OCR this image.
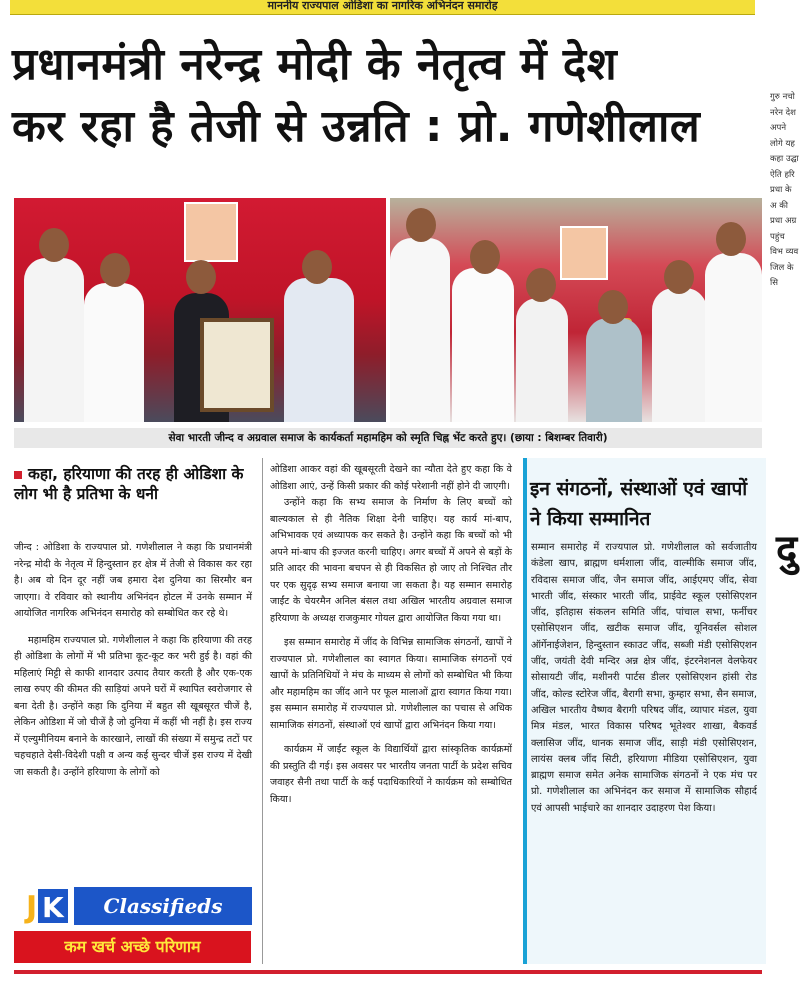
माननीय राज्यपाल ओडिशा का नागरिक अभिनंदन समारोह
प्रधानमंत्री नरेन्द्र मोदी के नेतृत्व में देश
कर रहा है तेजी से उन्नति : प्रो. गणेशीलाल
सेवा भारती जीन्द व अग्रवाल समाज के कार्यकर्ता महामहिम को स्मृति चिह्न भेंट करते हुए। (छाया : बिशम्बर तिवारी)
कहा, हरियाणा की तरह ही ओडिशा के लोग भी है प्रतिभा के धनी

जीन्द : ओडिशा के राज्यपाल प्रो. गणेशीलाल ने कहा कि प्रधानमंत्री नरेन्द्र मोदी के नेतृत्व में हिन्दुस्तान हर क्षेत्र में तेजी से विकास कर रहा है। अब वो दिन दूर नहीं जब हमारा देश दुनिया का सिरमौर बन जाएगा। वे रविवार को स्थानीय अभिनंदन होटल में उनके सम्मान में आयोजित नागरिक अभिनंदन समारोह को सम्बोधित कर रहे थे।

महामहिम राज्यपाल प्रो. गणेशीलाल ने कहा कि हरियाणा की तरह ही ओडिशा के लोगों में भी प्रतिभा कूट-कूट कर भरी हुई है। वहां की महिलाएं मिट्टी से काफी शानदार उत्पाद तैयार करती है और एक-एक लाख रुपए की कीमत की साड़ियां अपने घरों में स्थापित स्वरोजगार से बना देती है। उन्होंने कहा कि दुनिया में बहुत सी खूबसूरत चीजें है, लेकिन ओडिशा में जो चीजें है जो दुनिया में कहीं भी नहीं है। इस राज्य में एल्युमीनियम बनाने के कारखाने, लाखों की संख्या में समुन्द्र तटों पर चहचहाते देसी-विदेशी पक्षी व अन्य कई सुन्दर चीजें इस राज्य में देखी जा सकती है। उन्होंने हरियाणा के लोगों को

ओडिशा आकर वहां की खूबसूरती देखने का न्यौता देते हुए कहा कि वे ओडिशा आएं, उन्हें किसी प्रकार की कोई परेशानी नहीं होने दी जाएगी।

उन्होंने कहा कि सभ्य समाज के निर्माण के लिए बच्चों को बाल्यकाल से ही नैतिक शिक्षा देनी चाहिए। यह कार्य मां-बाप, अभिभावक एवं अध्यापक कर सकते है। उन्होंने कहा कि बच्चों को भी अपने मां-बाप की इज्जत करनी चाहिए। अगर बच्चों में अपने से बड़ों के प्रति आदर की भावना बचपन से ही विकसित हो जाए तो निश्चित तौर पर एक सुदृढ़ सभ्य समाज बनाया जा सकता है। यह सम्मान समारोह जाईंट के चेयरमैन अनिल बंसल तथा अखिल भारतीय अग्रवाल समाज हरियाणा के अध्यक्ष राजकुमार गोयल द्वारा आयोजित किया गया था।

इस सम्मान समारोह में जींद के विभिन्न सामाजिक संगठनों, खापों ने राज्यपाल प्रो. गणेशीलाल का स्वागत किया। सामाजिक संगठनों एवं खापों के प्रतिनिधियों ने मंच के माध्यम से लोगों को सम्बोधित भी किया और महामहिम का जींद आने पर फूल मालाओं द्वारा स्वागत किया गया। इस सम्मान समारोह में राज्यपाल प्रो. गणेशीलाल का पचास से अधिक सामाजिक संगठनों, संस्थाओं एवं खापों द्वारा अभिनंदन किया गया।

कार्यक्रम में जाईंट स्कूल के विद्यार्थियों द्वारा सांस्कृतिक कार्यक्रमों की प्रस्तुति दी गई। इस अवसर पर भारतीय जनता पार्टी के प्रदेश सचिव जवाहर सैनी तथा पार्टी के कई पदाधिकारियों ने कार्यक्रम को सम्बोधित किया।

इन संगठनों, संस्थाओं एवं खापों ने किया सम्मानित
सम्मान समारोह में राज्यपाल प्रो. गणेशीलाल को सर्वजातीय कंडेला खाप, ब्राह्मण धर्मशाला जींद, वाल्मीकि समाज जींद, रविदास समाज जींद, जैन समाज जींद, आईएमए जींद, सेवा भारती जींद, संस्कार भारती जींद, प्राईवेट स्कूल एसोसिएशन जींद, इतिहास संकलन समिति जींद, पांचाल सभा, फर्नीचर एसोसिएशन जींद, खटीक समाज जींद, यूनिवर्सल सोशल ऑर्गेनाईजेशन, हिन्दुस्तान स्काउट जींद, सब्जी मंडी एसोसिएशन जींद, जयंती देवी मन्दिर अन्न क्षेत्र जींद, इंटरनेशनल वेलफेयर सोसायटी जींद, मशीनरी पार्टस डीलर एसोसिएशन हांसी रोड जींद, कोल्ड स्टोरेज जींद, बैरागी सभा, कुम्हार सभा, सैन समाज, अखिल भारतीय वैष्णव बैरागी परिषद जींद, व्यापार मंडल, युवा मित्र मंडल, भारत विकास परिषद भूतेश्वर शाखा, बैकवर्ड क्लासिज जींद, धानक समाज जींद, साड़ी मंडी एसोसिएशन, लायंस क्लब जींद सिटी, हरियाणा मीडिया एसोसिएशन, युवा ब्राह्मण समाज समेत अनेक सामाजिक संगठनों ने एक मंच पर प्रो. गणेशीलाल का अभिनंदन कर समाज में सामाजिक सौहार्द एवं आपसी भाईचारे का शानदार उदाहरण पेश किया।
J K	Classifieds
कम खर्च अच्छे परिणाम
गुरु नचो नरेन देश अपने लोगे यह कहा उद्घा ऐति हरि प्रधा के अ की प्रधा अग्र पहुंच विभ व्यव जिल के सि
दु
